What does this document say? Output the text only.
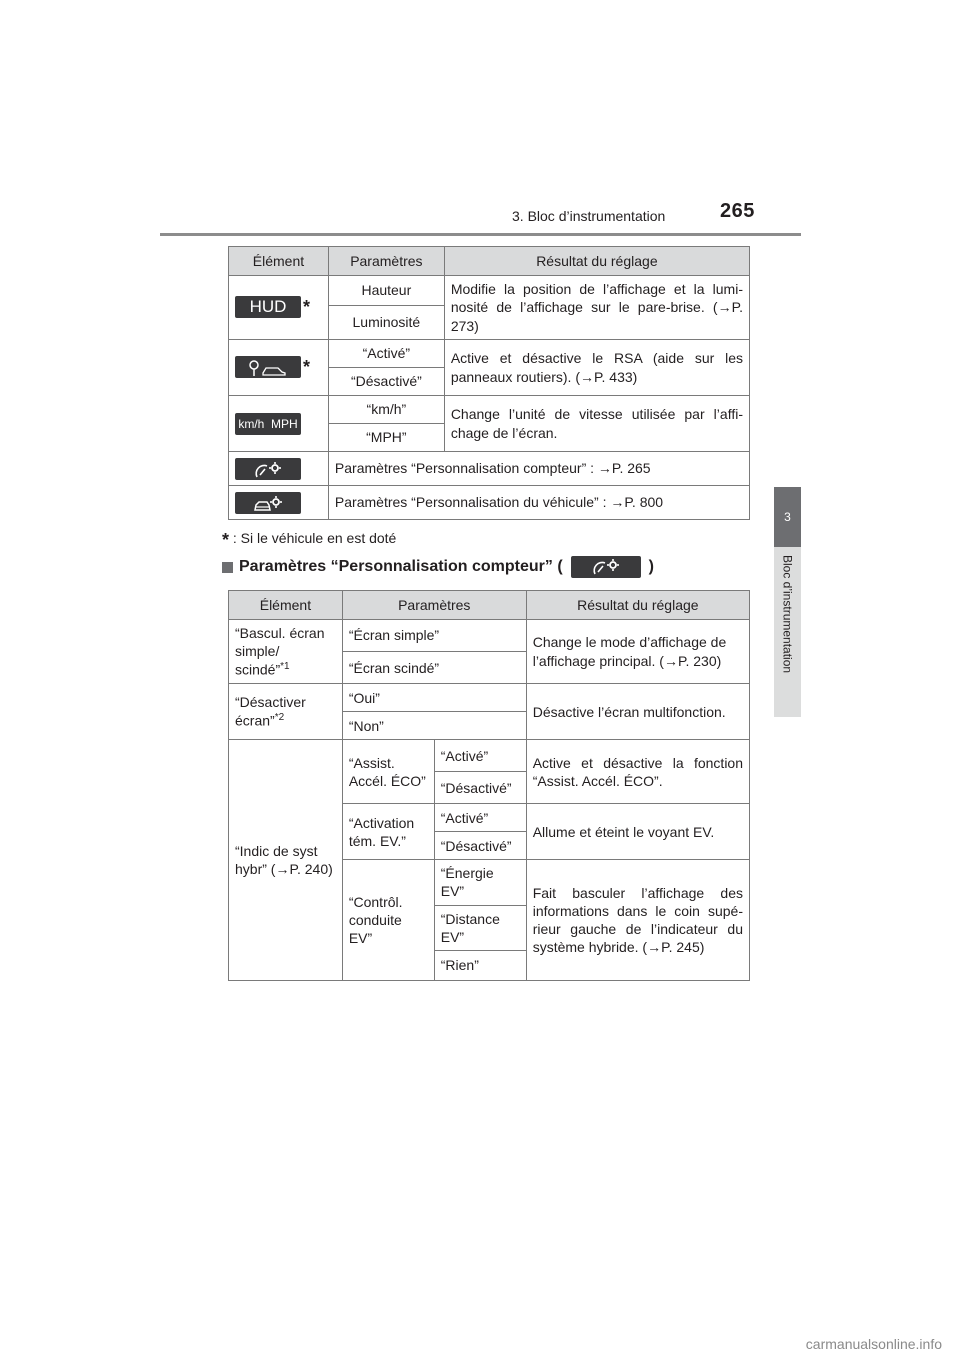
3. Bloc d’instrumentation	265
3
Bloc d’instrumentation
Élément	Paramètres	Résultat du réglage
HUD *	Hauteur	Modifie la position de l’affichage et la lumi-nosité de l’affichage sur le pare-brise. (→P. 273)
	Luminosité	
*	“Activé”	Active et désactive le RSA (aide sur les panneaux routiers). (→P. 433)
	“Désactivé”	
km/h  MPH	“km/h”	Change l’unité de vitesse utilisée par l’affi-chage de l’écran.
	“MPH”	
	Paramètres “Personnalisation compteur” : →P. 265	
	Paramètres “Personnalisation du véhicule” : →P. 800	
* : Si le véhicule en est doté
Paramètres “Personnalisation compteur” (	)
Élément	Paramètres		Résultat du réglage
“Bascul. écran simple/ scindé”$^{*1}$	“Écran simple”		Change le mode d’affichage de l’affichage principal. (→P. 230)
	“Écran scindé”		
“Désactiver écran”$^{*2}$	“Oui”		Désactive l’écran multifonction.
	“Non”		
“Indic de syst hybr” (→P. 240)	“Assist. Accél. ÉCO”	“Activé”	Active et désactive la fonction “Assist. Accél. ÉCO”.
		“Désactivé”	
	“Activation tém. EV.”	“Activé”	Allume et éteint le voyant EV.
		“Désactivé”	
	“Contrôl. conduite EV”	“Énergie EV”	Fait basculer l’affichage des informations dans le coin supé-rieur gauche de l’indicateur du système hybride. (→P. 245)
		“Distance EV”	
		“Rien”	
carmanualsonline.info
